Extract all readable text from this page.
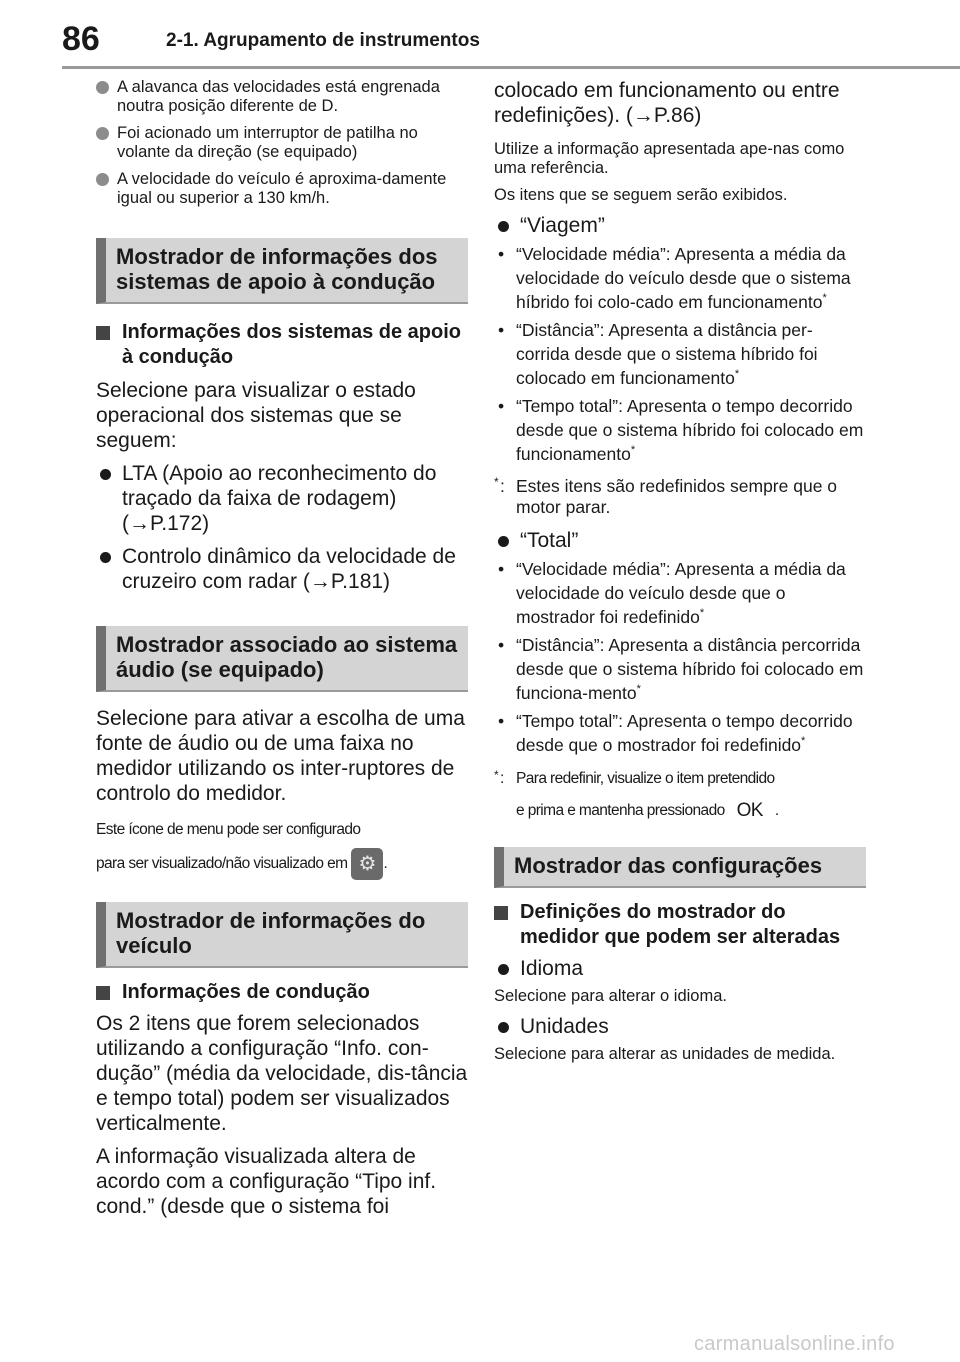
86	2-1. Agrupamento de instrumentos
A alavanca das velocidades está engrenada noutra posição diferente de D.
Foi acionado um interruptor de patilha no volante da direção (se equipado)
A velocidade do veículo é aproxima-damente igual ou superior a 130 km/h.
Mostrador de informações dos sistemas de apoio à condução
Informações dos sistemas de apoio à condução

Selecione para visualizar o estado operacional dos sistemas que se seguem:

LTA (Apoio ao reconhecimento do traçado da faixa de rodagem) (→P.172)
Controlo dinâmico da velocidade de cruzeiro com radar (→P.181)
Mostrador associado ao sistema áudio (se equipado)

Selecione para ativar a escolha de uma fonte de áudio ou de uma faixa no medidor utilizando os inter-ruptores de controlo do medidor.

Este ícone de menu pode ser configurado

para ser visualizado/não visualizado em ⚙ .

Mostrador de informações do veículo
Informações de condução

Os 2 itens que forem selecionados utilizando a configuração “Info. con-dução” (média da velocidade, dis-tância e tempo total) podem ser visualizados verticalmente.

A informação visualizada altera de acordo com a configuração “Tipo inf. cond.” (desde que o sistema foi

colocado em funcionamento ou entre redefinições). (→P.86)

Utilize a informação apresentada ape-nas como uma referência.

Os itens que se seguem serão exibidos.

“Viagem”
• “Velocidade média”: Apresenta a média da velocidade do veículo desde que o sistema híbrido foi colo-cado em funcionamento*
• “Distância”: Apresenta a distância per-corrida desde que o sistema híbrido foi colocado em funcionamento*
• “Tempo total”: Apresenta o tempo decorrido desde que o sistema híbrido foi colocado em funcionamento*
* : Estes itens são redefinidos sempre que o motor parar.
“Total”
• “Velocidade média”: Apresenta a média da velocidade do veículo desde que o mostrador foi redefinido*
• “Distância”: Apresenta a distância percorrida desde que o sistema híbrido foi colocado em funciona-mento*
• “Tempo total”: Apresenta o tempo decorrido desde que o mostrador foi redefinido*
* : Para redefinir, visualize o item pretendido
e prima e mantenha pressionado OK .
Mostrador das configurações
Definições do mostrador do medidor que podem ser alteradas
Idioma

Selecione para alterar o idioma.

Unidades

Selecione para alterar as unidades de medida.

carmanualsonline.info
